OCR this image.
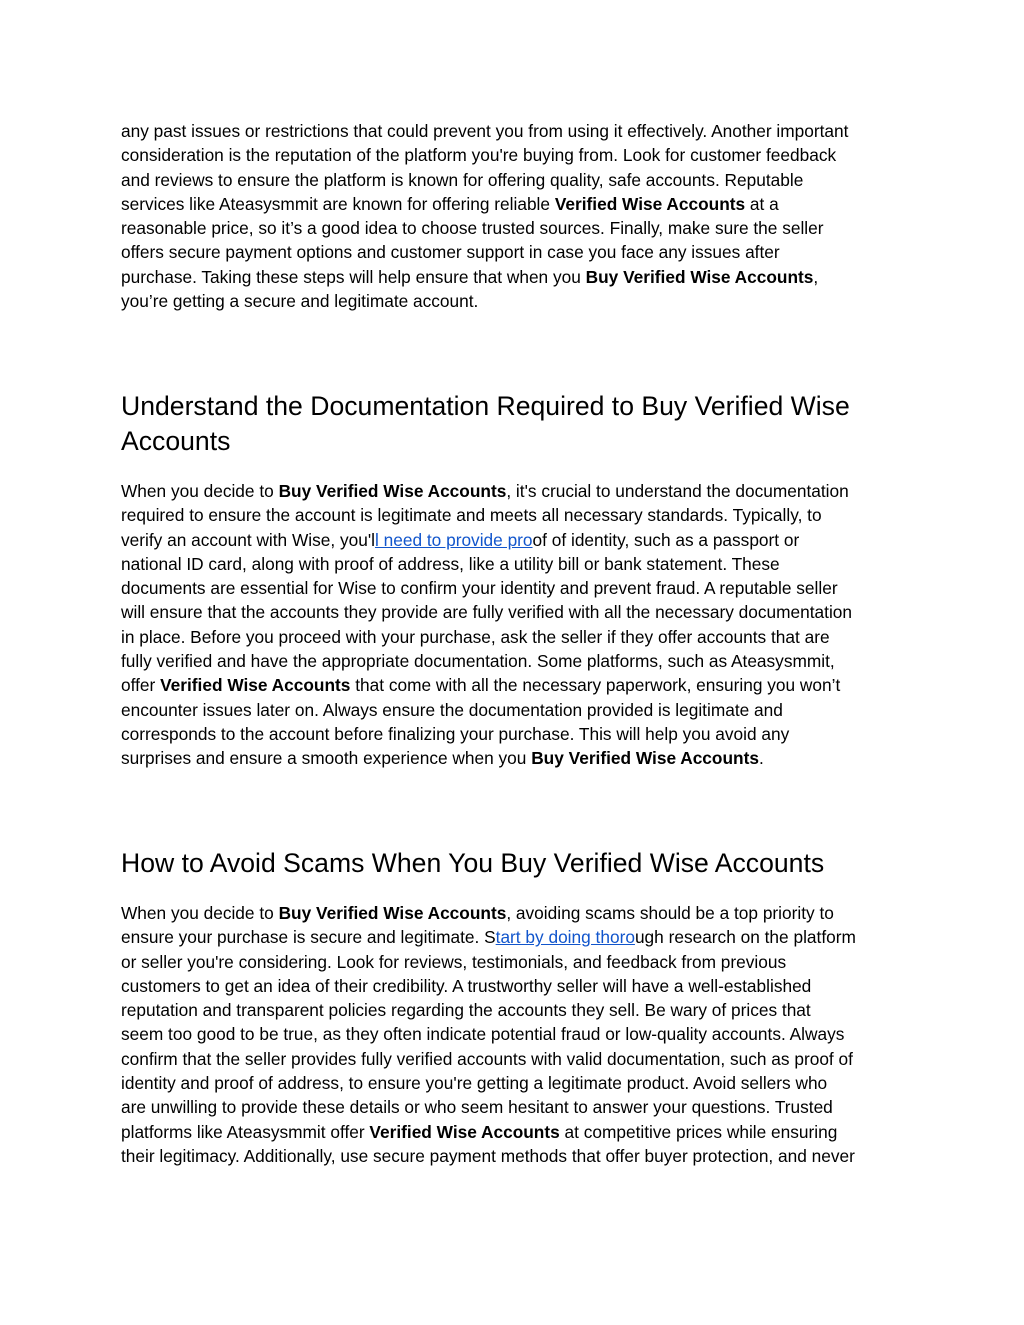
any past issues or restrictions that could prevent you from using it effectively. Another important
consideration is the reputation of the platform you're buying from. Look for customer feedback
and reviews to ensure the platform is known for offering quality, safe accounts. Reputable
services like Ateasysmmit are known for offering reliable Verified Wise Accounts at a
reasonable price, so it’s a good idea to choose trusted sources. Finally, make sure the seller
offers secure payment options and customer support in case you face any issues after
purchase. Taking these steps will help ensure that when you Buy Verified Wise Accounts,
you’re getting a secure and legitimate account.
Understand the Documentation Required to Buy Verified Wise
Accounts
When you decide to Buy Verified Wise Accounts, it's crucial to understand the documentation
required to ensure the account is legitimate and meets all necessary standards. Typically, to
verify an account with Wise, you'll need to provide proof of identity, such as a passport or
national ID card, along with proof of address, like a utility bill or bank statement. These
documents are essential for Wise to confirm your identity and prevent fraud. A reputable seller
will ensure that the accounts they provide are fully verified with all the necessary documentation
in place. Before you proceed with your purchase, ask the seller if they offer accounts that are
fully verified and have the appropriate documentation. Some platforms, such as Ateasysmmit,
offer Verified Wise Accounts that come with all the necessary paperwork, ensuring you won’t
encounter issues later on. Always ensure the documentation provided is legitimate and
corresponds to the account before finalizing your purchase. This will help you avoid any
surprises and ensure a smooth experience when you Buy Verified Wise Accounts.
How to Avoid Scams When You Buy Verified Wise Accounts
When you decide to Buy Verified Wise Accounts, avoiding scams should be a top priority to
ensure your purchase is secure and legitimate. Start by doing thorough research on the platform
or seller you're considering. Look for reviews, testimonials, and feedback from previous
customers to get an idea of their credibility. A trustworthy seller will have a well-established
reputation and transparent policies regarding the accounts they sell. Be wary of prices that
seem too good to be true, as they often indicate potential fraud or low-quality accounts. Always
confirm that the seller provides fully verified accounts with valid documentation, such as proof of
identity and proof of address, to ensure you're getting a legitimate product. Avoid sellers who
are unwilling to provide these details or who seem hesitant to answer your questions. Trusted
platforms like Ateasysmmit offer Verified Wise Accounts at competitive prices while ensuring
their legitimacy. Additionally, use secure payment methods that offer buyer protection, and never
